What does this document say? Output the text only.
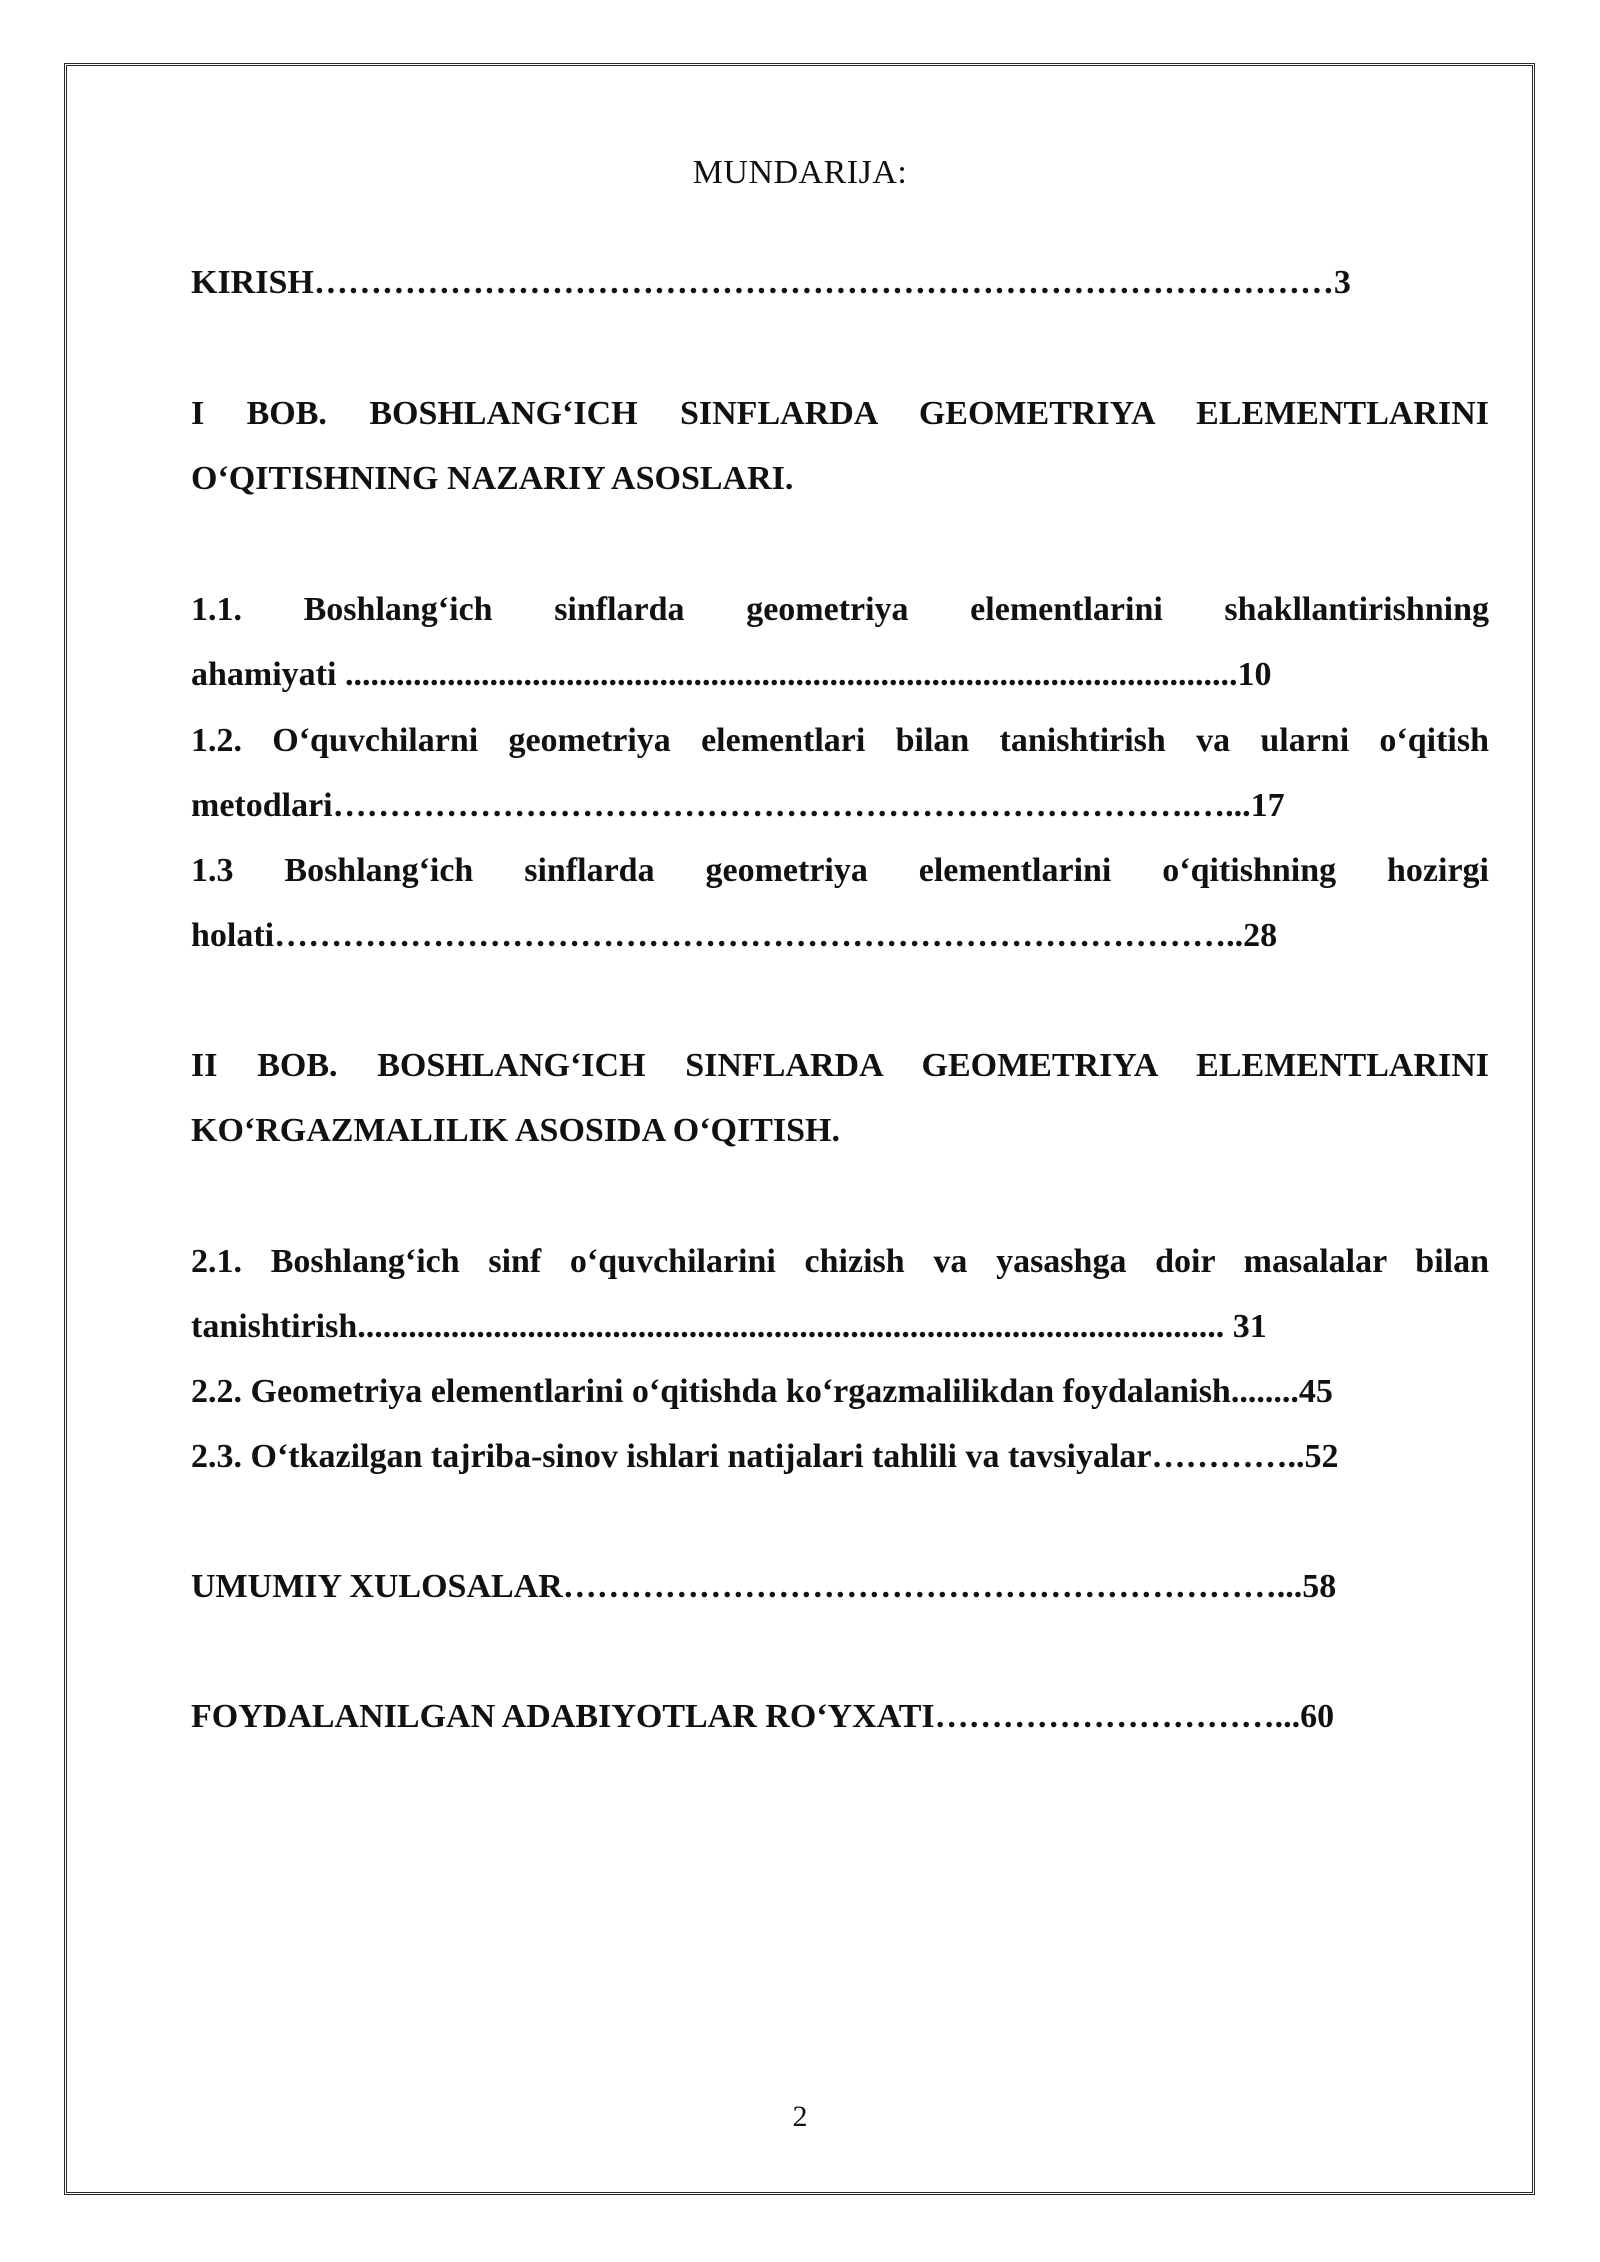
MUNDARIJA:
KIRISH………………………………………………………………………………3
I BOB. BOSHLANG‘ICH SINFLARDA GEOMETRIYA ELEMENTLARINI
O‘QITISHNING NAZARIY ASOSLARI.
1.1. Boshlang‘ich sinflarda geometriya elementlarini shakllantirishning
ahamiyati .........................................................................................................10
1.2. O‘quvchilarni geometriya elementlari bilan tanishtirish va ularni o‘qitish
metodlari………………………………………………………………….…...17
1.3 Boshlang‘ich sinflarda geometriya elementlarini o‘qitishning hozirgi
holati…………………………………………………………………………..28
II BOB. BOSHLANG‘ICH SINFLARDA GEOMETRIYA ELEMENTLARINI
KO‘RGAZMALILIK ASOSIDA O‘QITISH.
2.1. Boshlang‘ich sinf o‘quvchilarini chizish va yasashga doir masalalar bilan
tanishtirish...................................................................................................... 31
2.2. Geometriya elementlarini o‘qitishda ko‘rgazmalilikdan foydalanish........45
2.3. O‘tkazilgan tajriba-sinov ishlari natijalari tahlili va tavsiyalar…………..52
UMUMIY XULOSALAR………………………………………………………...58
FOYDALANILGAN ADABIYOTLAR RO‘YXATI…………………………...60
2
